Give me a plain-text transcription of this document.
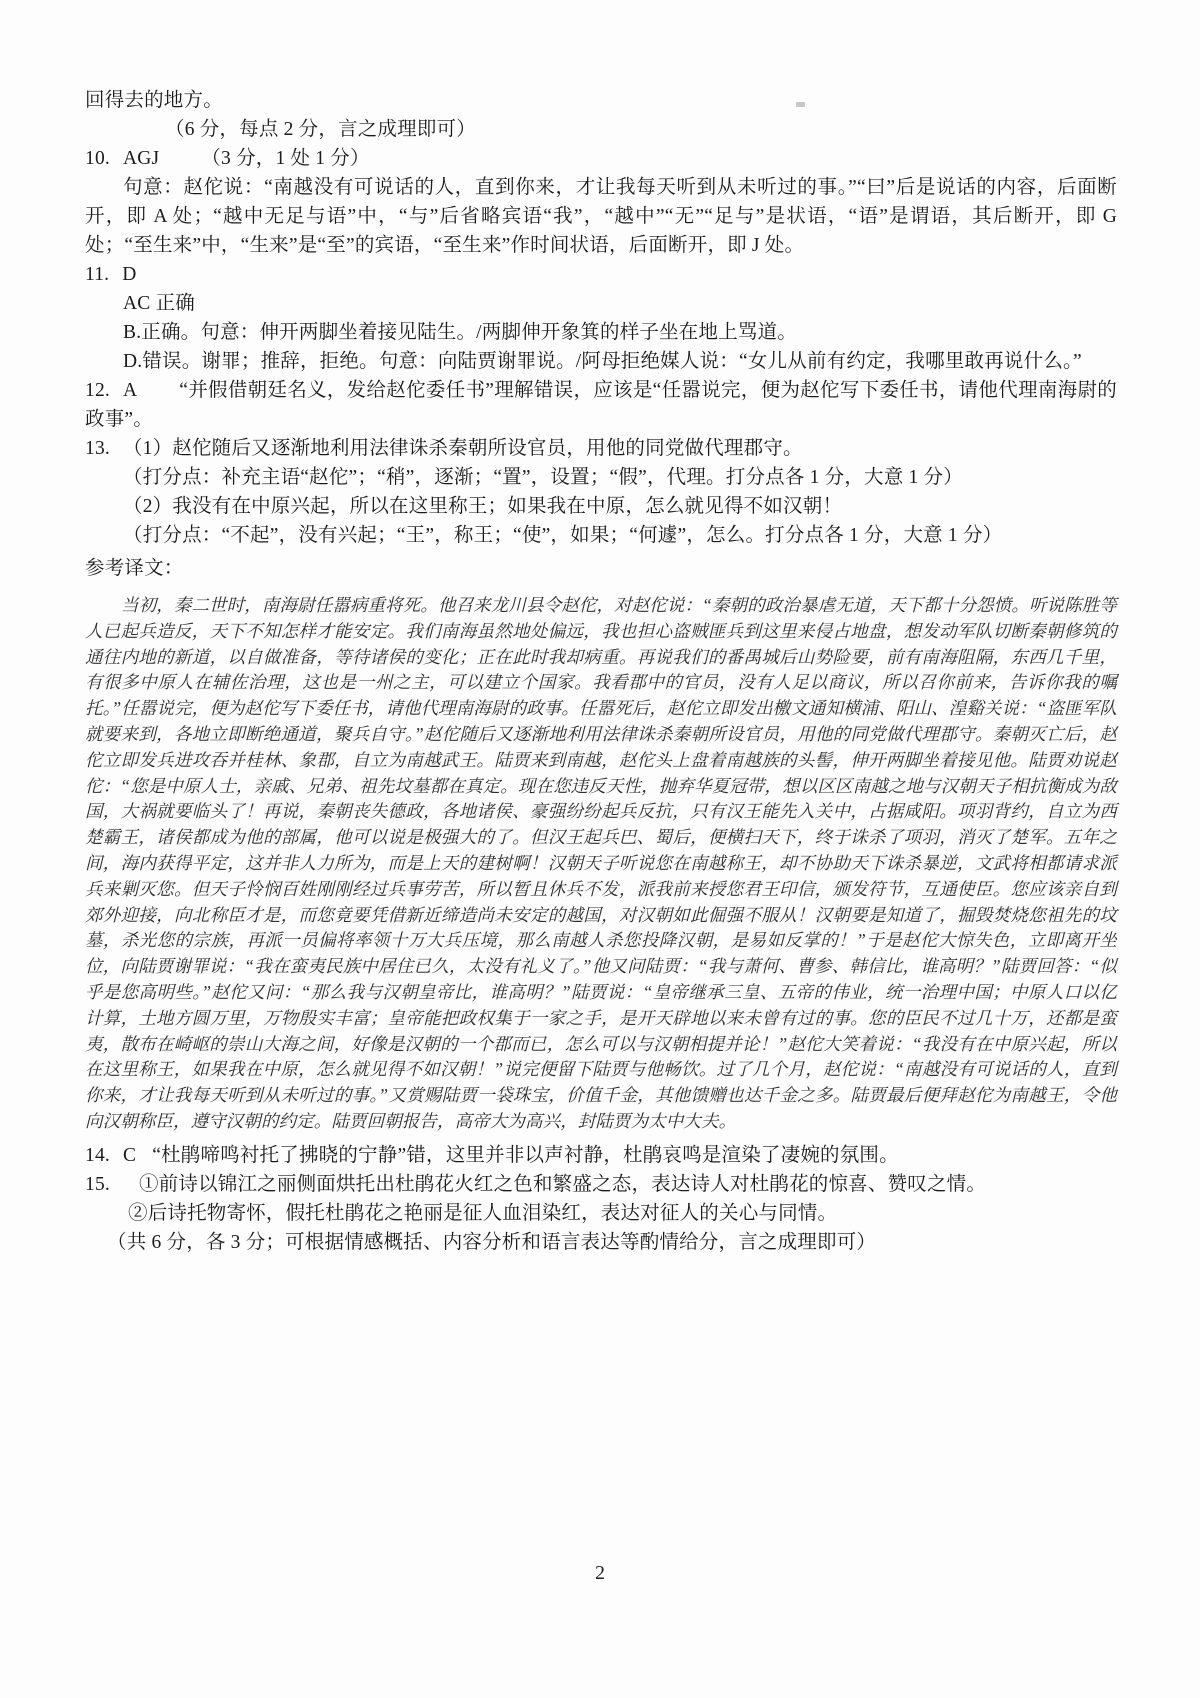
回得去的地方。

（6 分，每点 2 分，言之成理即可）

10. AGJ （3 分，1 处 1 分）

句意：赵佗说：“南越没有可说话的人，直到你来，才让我每天听到从未听过的事。”“曰”后是说话的内容，后面断开，即 A 处；“越中无足与语”中，“与”后省略宾语“我”，“越中”“无”“足与”是状语，“语”是谓语，其后断开，即 G 处；“至生来”中，“生来”是“至”的宾语，“至生来”作时间状语，后面断开，即 J 处。

11. D

AC 正确

B.正确。句意：伸开两脚坐着接见陆生。/两脚伸开象箕的样子坐在地上骂道。

D.错误。谢罪；推辞，拒绝。句意：向陆贾谢罪说。/阿母拒绝媒人说：“女儿从前有约定，我哪里敢再说什么。”

12. A “并假借朝廷名义，发给赵佗委任书”理解错误，应该是“任嚣说完，便为赵佗写下委任书，请他代理南海尉的政事”。

13. （1）赵佗随后又逐渐地利用法律诛杀秦朝所设官员，用他的同党做代理郡守。

（打分点：补充主语“赵佗”；“稍”，逐渐；“置”，设置；“假”，代理。打分点各 1 分，大意 1 分）

（2）我没有在中原兴起，所以在这里称王；如果我在中原，怎么就见得不如汉朝！

（打分点：“不起”，没有兴起；“王”，称王；“使”，如果；“何遽”，怎么。打分点各 1 分，大意 1 分）

参考译文：

当初，秦二世时，南海尉任嚣病重将死。他召来龙川县令赵佗，对赵佗说：“秦朝的政治暴虐无道，天下都十分怨愤。听说陈胜等人已起兵造反，天下不知怎样才能安定。我们南海虽然地处偏远，我也担心盗贼匪兵到这里来侵占地盘，想发动军队切断秦朝修筑的通往内地的新道，以自做准备，等待诸侯的变化；正在此时我却病重。再说我们的番禺城后山势险要，前有南海阻隔，东西几千里，有很多中原人在辅佐治理，这也是一州之主，可以建立个国家。我看郡中的官员，没有人足以商议，所以召你前来，告诉你我的嘱托。”任嚣说完，便为赵佗写下委任书，请他代理南海尉的政事。任嚣死后，赵佗立即发出檄文通知横浦、阳山、湟谿关说：“盗匪军队就要来到，各地立即断绝通道，聚兵自守。”赵佗随后又逐渐地利用法律诛杀秦朝所设官员，用他的同党做代理郡守。秦朝灭亡后，赵佗立即发兵进攻吞并桂林、象郡，自立为南越武王。陆贾来到南越，赵佗头上盘着南越族的头髻，伸开两脚坐着接见他。陆贾劝说赵佗：“您是中原人士，亲戚、兄弟、祖先坟墓都在真定。现在您违反天性，抛弃华夏冠带，想以区区南越之地与汉朝天子相抗衡成为敌国，大祸就要临头了！再说，秦朝丧失德政，各地诸侯、豪强纷纷起兵反抗，只有汉王能先入关中，占据咸阳。项羽背约，自立为西楚霸王，诸侯都成为他的部属，他可以说是极强大的了。但汉王起兵巴、蜀后，便横扫天下，终于诛杀了项羽，消灭了楚军。五年之间，海内获得平定，这并非人力所为，而是上天的建树啊！汉朝天子听说您在南越称王，却不协助天下诛杀暴逆，文武将相都请求派兵来剿灭您。但天子怜悯百姓刚刚经过兵事劳苦，所以暂且休兵不发，派我前来授您君王印信，颁发符节，互通使臣。您应该亲自到郊外迎接，向北称臣才是，而您竟要凭借新近缔造尚未安定的越国，对汉朝如此倔强不服从！汉朝要是知道了，掘毁焚烧您祖先的坟墓，杀光您的宗族，再派一员偏将率领十万大兵压境，那么南越人杀您投降汉朝，是易如反掌的！”于是赵佗大惊失色，立即离开坐位，向陆贾谢罪说：“我在蛮夷民族中居住已久，太没有礼义了。”他又问陆贾：“我与萧何、曹参、韩信比，谁高明？”陆贾回答：“似乎是您高明些。”赵佗又问：“那么我与汉朝皇帝比，谁高明？”陆贾说：“皇帝继承三皇、五帝的伟业，统一治理中国；中原人口以亿计算，土地方圆万里，万物殷实丰富；皇帝能把政权集于一家之手，是开天辟地以来未曾有过的事。您的臣民不过几十万，还都是蛮夷，散布在崎岖的崇山大海之间，好像是汉朝的一个郡而已，怎么可以与汉朝相提并论！”赵佗大笑着说：“我没有在中原兴起，所以在这里称王，如果我在中原，怎么就见得不如汉朝！”说完便留下陆贾与他畅饮。过了几个月，赵佗说：“南越没有可说话的人，直到你来，才让我每天听到从未听过的事。”又赏赐陆贾一袋珠宝，价值千金，其他馈赠也达千金之多。陆贾最后便拜赵佗为南越王，令他向汉朝称臣，遵守汉朝的约定。陆贾回朝报告，高帝大为高兴，封陆贾为太中大夫。

14. C “杜鹃啼鸣衬托了拂晓的宁静”错，这里并非以声衬静，杜鹃哀鸣是渲染了凄婉的氛围。

15. ①前诗以锦江之丽侧面烘托出杜鹃花火红之色和繁盛之态，表达诗人对杜鹃花的惊喜、赞叹之情。

②后诗托物寄怀，假托杜鹃花之艳丽是征人血泪染红，表达对征人的关心与同情。

（共 6 分，各 3 分；可根据情感概括、内容分析和语言表达等酌情给分，言之成理即可）

2
